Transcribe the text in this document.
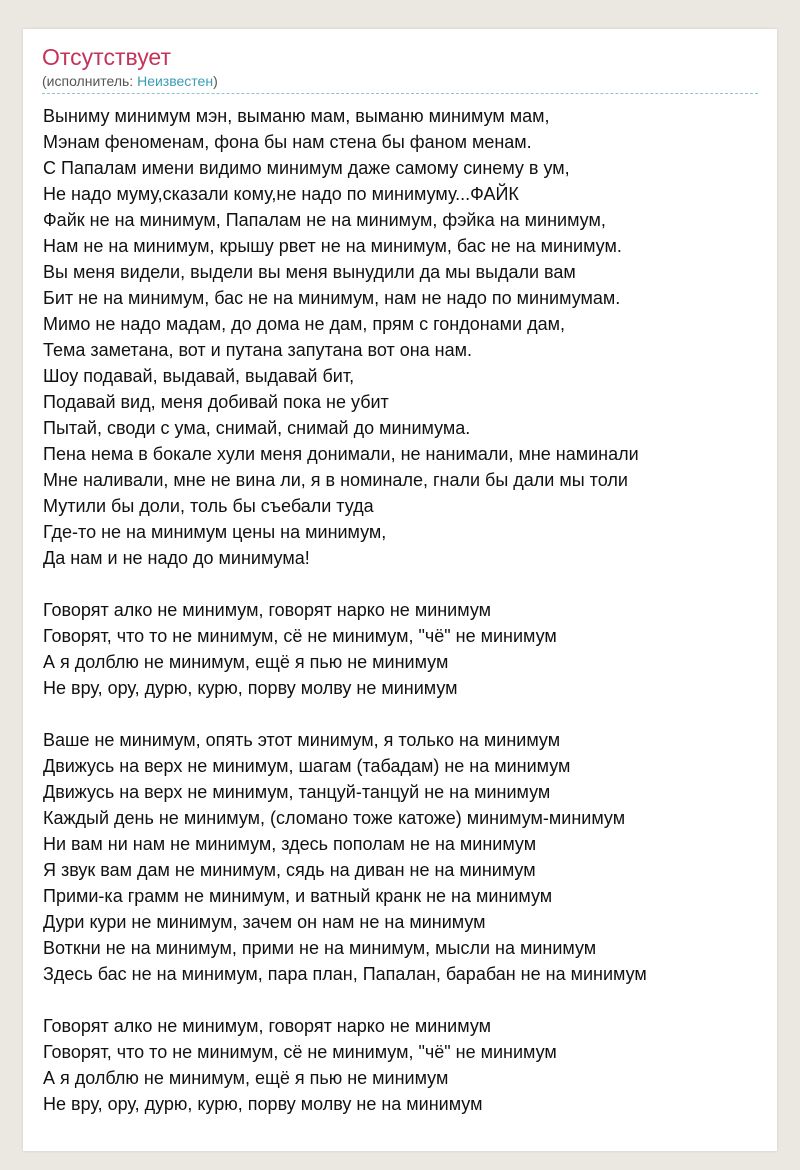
Отсутствует
(исполнитель: Неизвестен)
Выниму минимум мэн, выманю мам, выманю минимум мам,
Мэнам феноменам, фона бы нам стена бы фаном менам.
С Папалам имени видимо минимум даже самому синему в ум,
Не надо муму,сказали кому,не надо по минимуму...ФАЙК
Файк не на минимум, Папалам не на минимум, фэйка на минимум,
Нам не на минимум, крышу рвет не на минимум, бас не на минимум.
Вы меня видели, выдели вы меня вынудили да мы выдали вам
Бит не на минимум, бас не на минимум, нам не надо по минимумам.
Мимо не надо мадам, до дома не дам, прям с гондонами дам,
Тема заметана, вот и путана запутана вот она нам.
Шоу подавай, выдавай, выдавай бит,
Подавай вид, меня добивай пока не убит
Пытай, своди с ума, снимай, снимай до минимума.
Пена нема в бокале хули меня донимали, не нанимали, мне наминали
Мне наливали, мне не вина ли, я в номинале, гнали бы дали мы толи
Мутили бы доли, толь бы съебали туда
Где-то не на минимум цены на минимум,
Да нам и не надо до минимума!
Говорят алко не минимум, говорят нарко не минимум
Говорят, что то не минимум, сё не минимум, "чё" не минимум
А я долблю не минимум, ещё я пью не минимум
Не вру, ору, дурю, курю, порву молву не минимум
Ваше не минимум, опять этот минимум, я только на минимум
Движусь на верх не минимум, шагам (табадам) не на минимум
Движусь на верх не минимум, танцуй-танцуй не на минимум
Каждый день не минимум, (сломано тоже катоже) минимум-минимум
Ни вам ни нам не минимум, здесь пополам не на минимум
Я звук вам дам не минимум, сядь на диван не на минимум
Прими-ка грамм не минимум, и ватный кранк не на минимум
Дури кури не минимум, зачем он нам не на минимум
Воткни не на минимум, прими не на минимум, мысли на минимум
Здесь бас не на минимум, пара план, Папалан, барабан не на минимум
Говорят алко не минимум, говорят нарко не минимум
Говорят, что то не минимум, сё не минимум, "чё" не минимум
А я долблю не минимум, ещё я пью не минимум
Не вру, ору, дурю, курю, порву молву не на минимум
